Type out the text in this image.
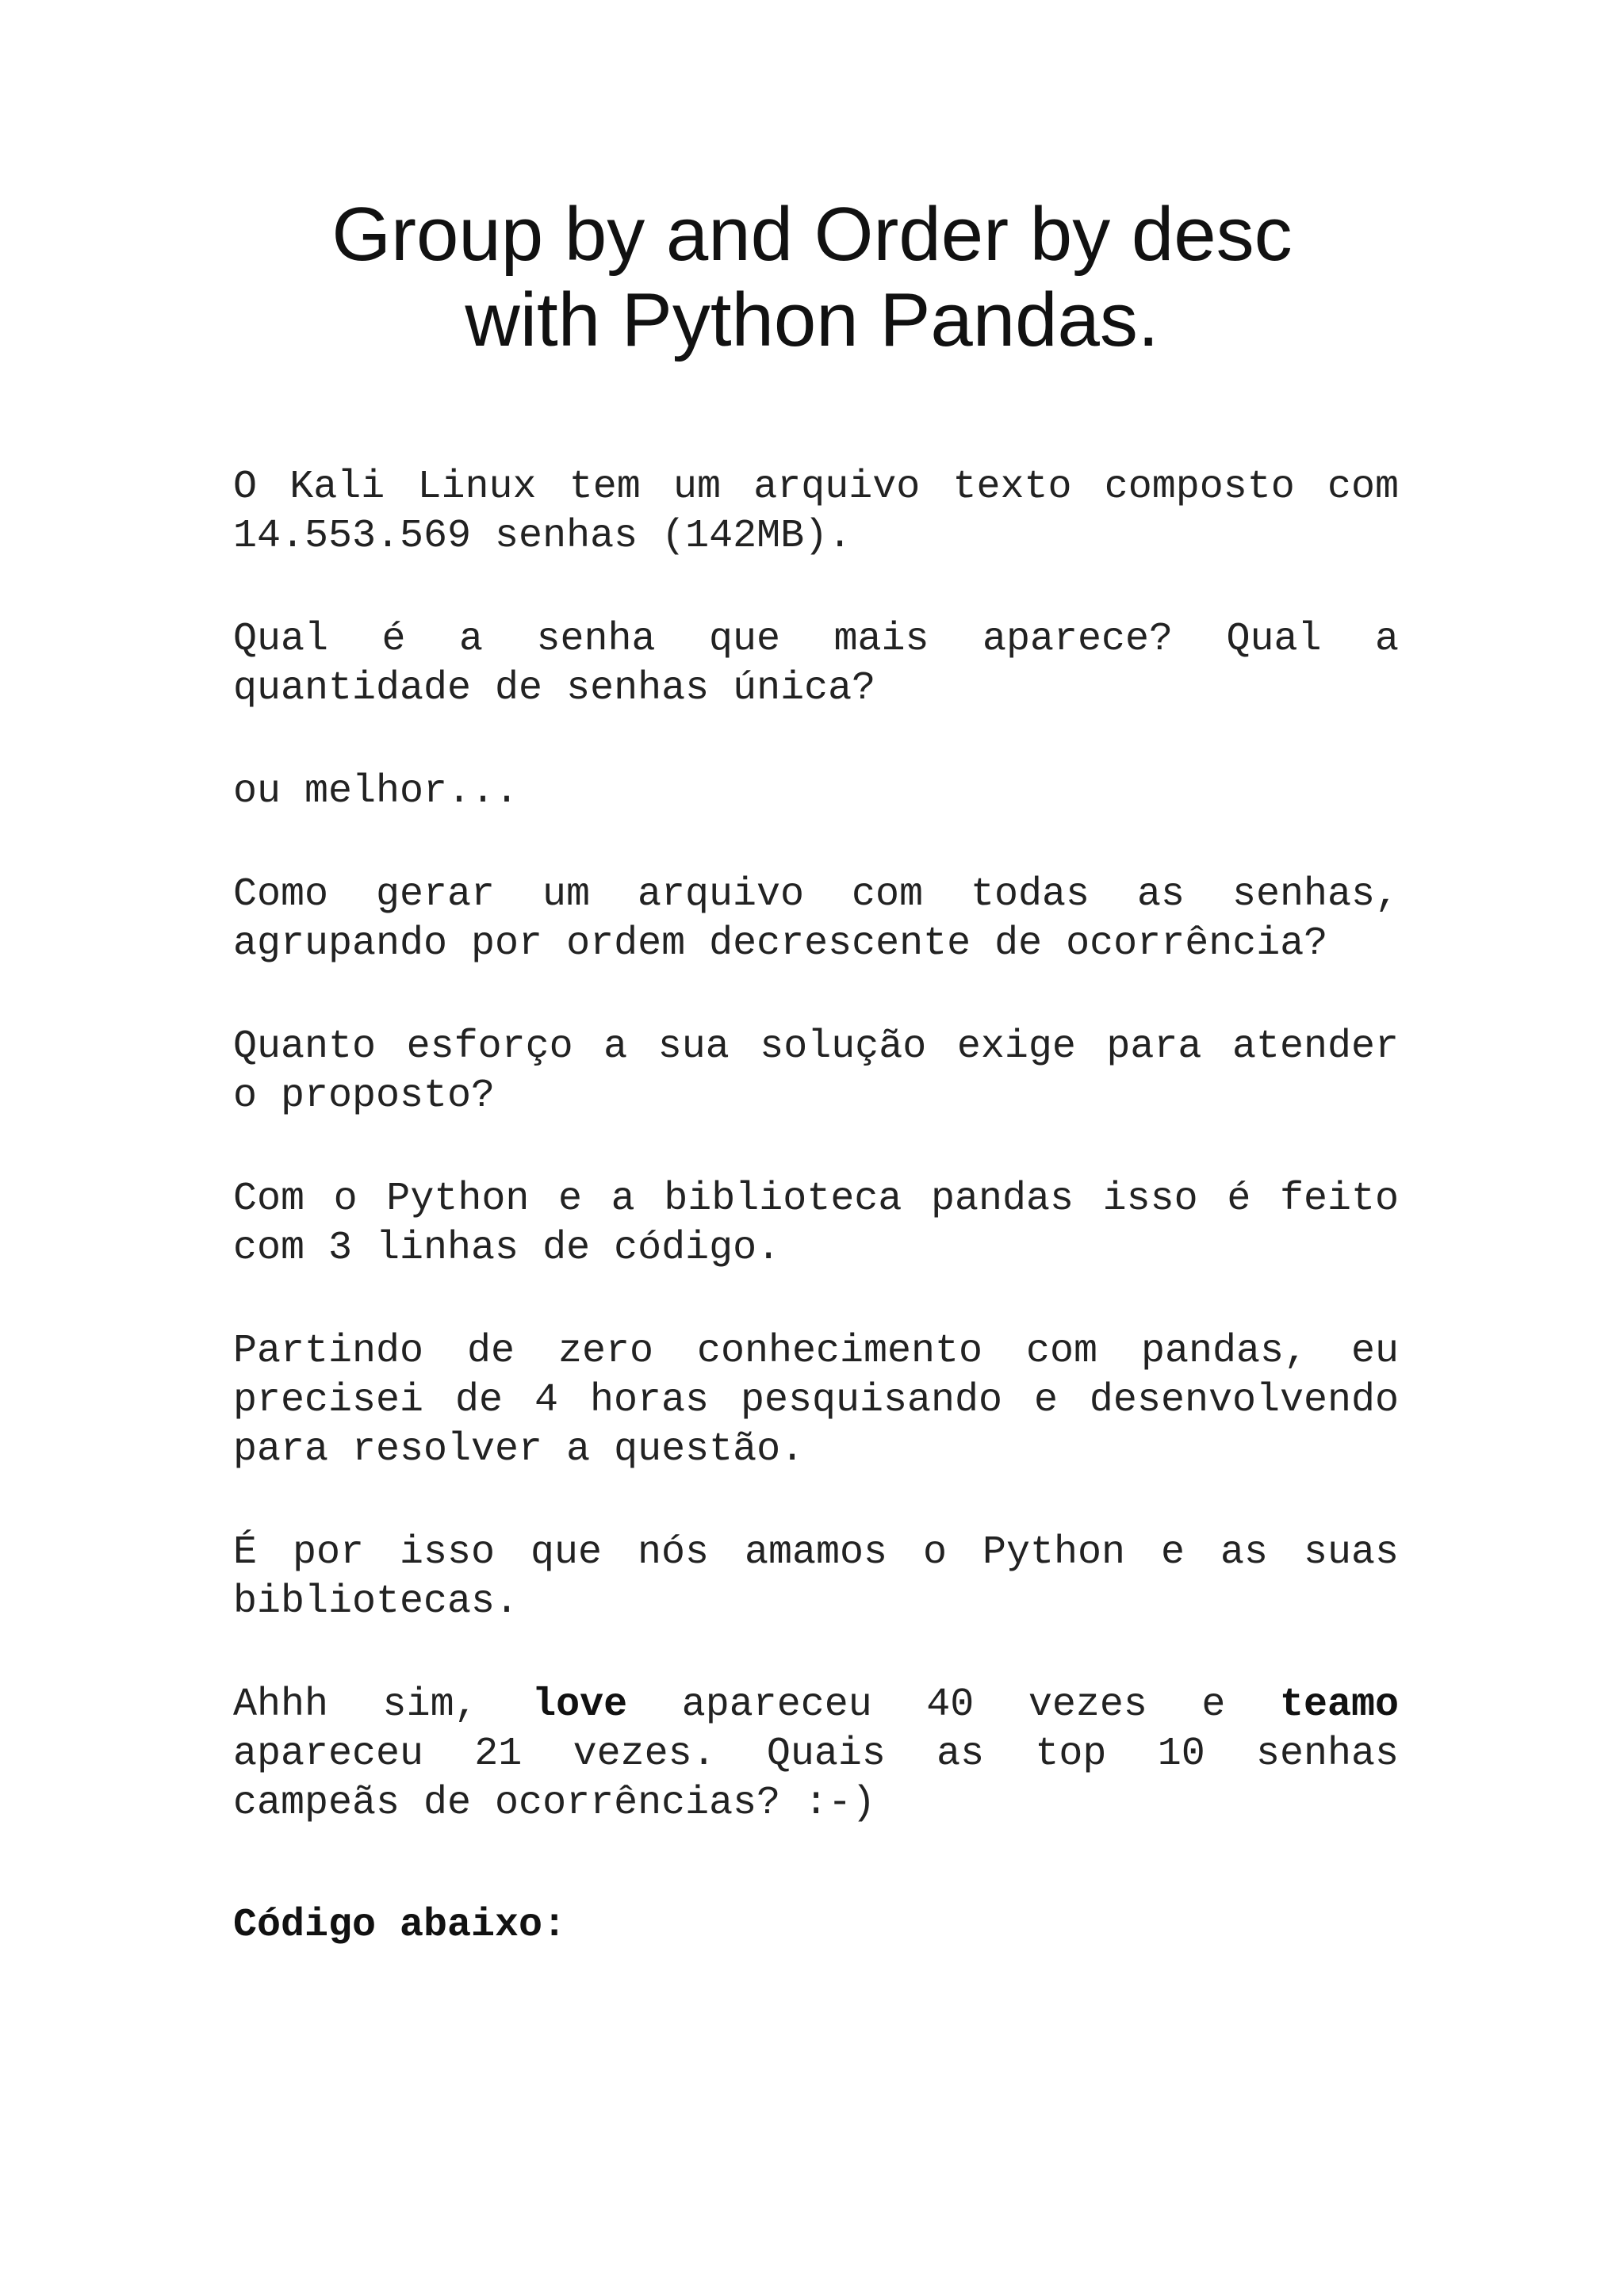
Group by and Order by desc
with Python Pandas.

O Kali Linux tem um arquivo texto composto com 14.553.569 senhas (142MB).

Qual é a senha que mais aparece? Qual a quantidade de senhas única?

ou melhor...

Como gerar um arquivo com todas as senhas, agrupando por ordem decrescente de ocorrência?

Quanto esforço a sua solução exige para atender o proposto?

Com o Python e a biblioteca pandas isso é feito com 3 linhas de código.

Partindo de zero conhecimento com pandas, eu precisei de 4 horas pesquisando e desenvolvendo para resolver a questão.

É por isso que nós amamos o Python e as suas bibliotecas.

Ahhh sim, love apareceu 40 vezes e teamo apareceu 21 vezes. Quais as top 10 senhas campeãs de ocorrências? :-)

Código abaixo:
